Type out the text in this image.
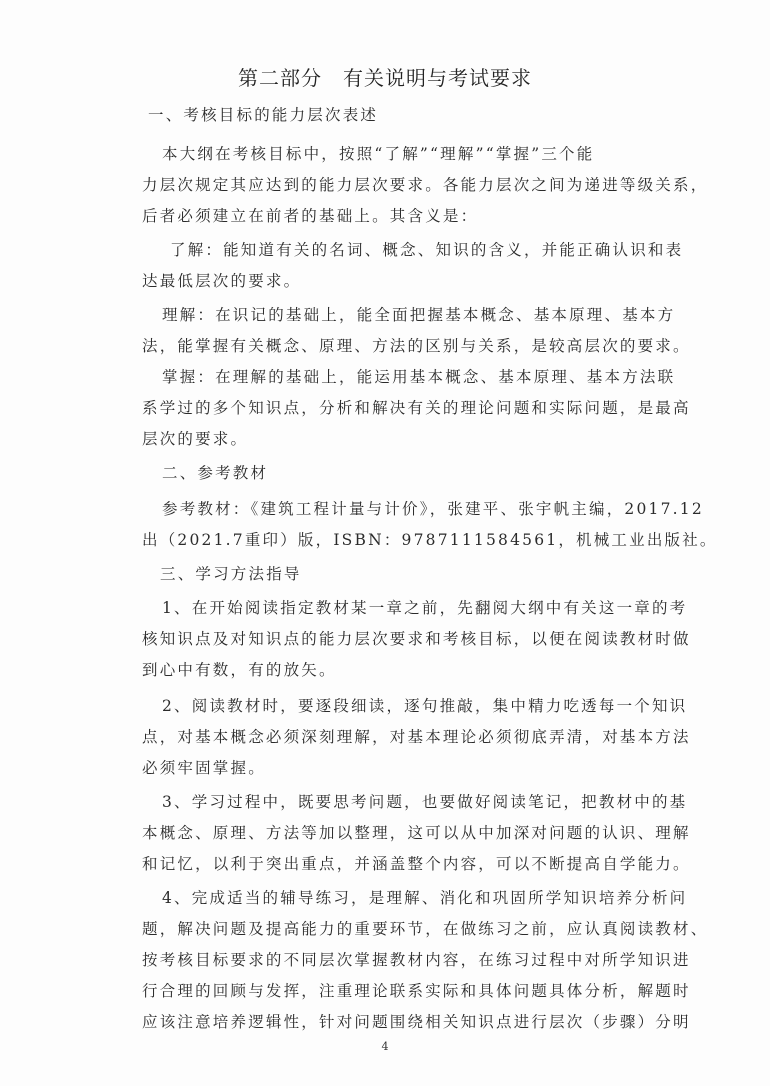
第二部分　有关说明与考试要求
一、考核目标的能力层次表述
本大纲在考核目标中，按照“了解”“理解”“掌握”三个能
力层次规定其应达到的能力层次要求。各能力层次之间为递进等级关系，
后者必须建立在前者的基础上。其含义是：
了解：能知道有关的名词、概念、知识的含义，并能正确认识和表
达最低层次的要求。
理解：在识记的基础上，能全面把握基本概念、基本原理、基本方
法，能掌握有关概念、原理、方法的区别与关系，是较高层次的要求。
掌握：在理解的基础上，能运用基本概念、基本原理、基本方法联
系学过的多个知识点，分析和解决有关的理论问题和实际问题，是最高
层次的要求。
二、参考教材
参考教材：《建筑工程计量与计价》，张建平、张宇帆主编，2017.12
出（2021.7重印）版，ISBN：9787111584561，机械工业出版社。
三、学习方法指导
1、在开始阅读指定教材某一章之前，先翻阅大纲中有关这一章的考
核知识点及对知识点的能力层次要求和考核目标，以便在阅读教材时做
到心中有数，有的放矢。
2、阅读教材时，要逐段细读，逐句推敲，集中精力吃透每一个知识
点，对基本概念必须深刻理解，对基本理论必须彻底弄清，对基本方法
必须牢固掌握。
3、学习过程中，既要思考问题，也要做好阅读笔记，把教材中的基
本概念、原理、方法等加以整理，这可以从中加深对问题的认识、理解
和记忆，以利于突出重点，并涵盖整个内容，可以不断提高自学能力。
4、完成适当的辅导练习，是理解、消化和巩固所学知识培养分析问
题，解决问题及提高能力的重要环节，在做练习之前，应认真阅读教材、
按考核目标要求的不同层次掌握教材内容，在练习过程中对所学知识进
行合理的回顾与发挥，注重理论联系实际和具体问题具体分析，解题时
应该注意培养逻辑性，针对问题围绕相关知识点进行层次（步骤）分明
4
